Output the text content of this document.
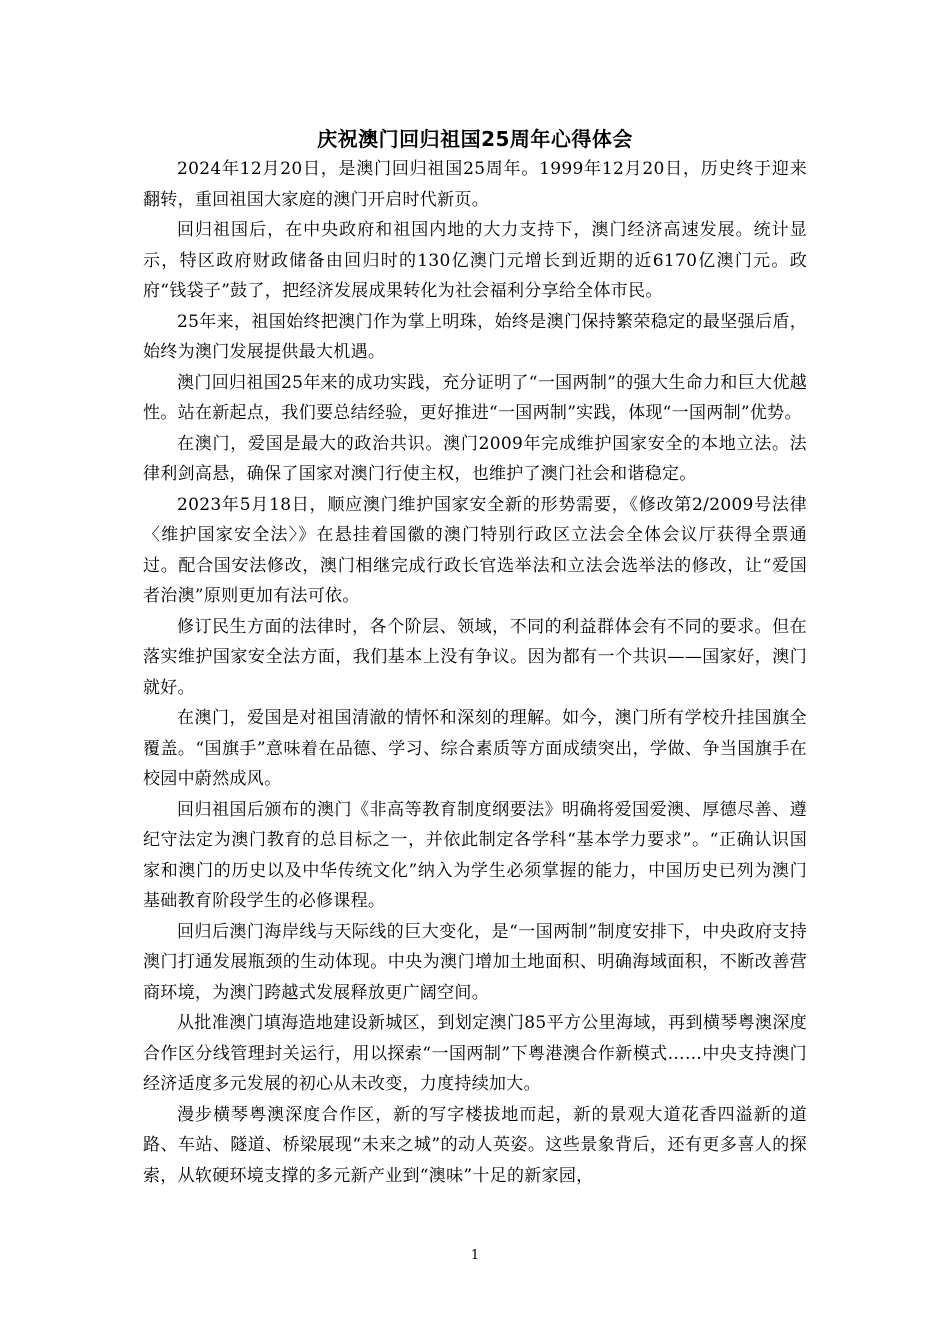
庆祝澳门回归祖国25周年心得体会

2024年12月20日，是澳门回归祖国25周年。1999年12月20日，历史终于迎来翻转，重回祖国大家庭的澳门开启时代新页。

回归祖国后，在中央政府和祖国内地的大力支持下，澳门经济高速发展。统计显示，特区政府财政储备由回归时的130亿澳门元增长到近期的近6170亿澳门元。政府“钱袋子”鼓了，把经济发展成果转化为社会福利分享给全体市民。

25年来，祖国始终把澳门作为掌上明珠，始终是澳门保持繁荣稳定的最坚强后盾，始终为澳门发展提供最大机遇。

澳门回归祖国25年来的成功实践，充分证明了“一国两制”的强大生命力和巨大优越性。站在新起点，我们要总结经验，更好推进“一国两制”实践，体现“一国两制”优势。

在澳门，爱国是最大的政治共识。澳门2009年完成维护国家安全的本地立法。法律利剑高悬，确保了国家对澳门行使主权，也维护了澳门社会和谐稳定。

2023年5月18日，顺应澳门维护国家安全新的形势需要，《修改第2/2009号法律〈维护国家安全法〉》在悬挂着国徽的澳门特别行政区立法会全体会议厅获得全票通过。配合国安法修改，澳门相继完成行政长官选举法和立法会选举法的修改，让“爱国者治澳”原则更加有法可依。

修订民生方面的法律时，各个阶层、领域，不同的利益群体会有不同的要求。但在落实维护国家安全法方面，我们基本上没有争议。因为都有一个共识——国家好，澳门就好。

在澳门，爱国是对祖国清澈的情怀和深刻的理解。如今，澳门所有学校升挂国旗全覆盖。“国旗手”意味着在品德、学习、综合素质等方面成绩突出，学做、争当国旗手在校园中蔚然成风。

回归祖国后颁布的澳门《非高等教育制度纲要法》明确将爱国爱澳、厚德尽善、遵纪守法定为澳门教育的总目标之一，并依此制定各学科“基本学力要求”。“正确认识国家和澳门的历史以及中华传统文化”纳入为学生必须掌握的能力，中国历史已列为澳门基础教育阶段学生的必修课程。

回归后澳门海岸线与天际线的巨大变化，是“一国两制”制度安排下，中央政府支持澳门打通发展瓶颈的生动体现。中央为澳门增加土地面积、明确海域面积，不断改善营商环境，为澳门跨越式发展释放更广阔空间。

从批准澳门填海造地建设新城区，到划定澳门85平方公里海域，再到横琴粤澳深度合作区分线管理封关运行，用以探索“一国两制”下粤港澳合作新模式……中央支持澳门经济适度多元发展的初心从未改变，力度持续加大。

漫步横琴粤澳深度合作区，新的写字楼拔地而起，新的景观大道花香四溢新的道路、车站、隧道、桥梁展现“未来之城”的动人英姿。这些景象背后，还有更多喜人的探索，从软硬环境支撑的多元新产业到“澳味”十足的新家园，

1
